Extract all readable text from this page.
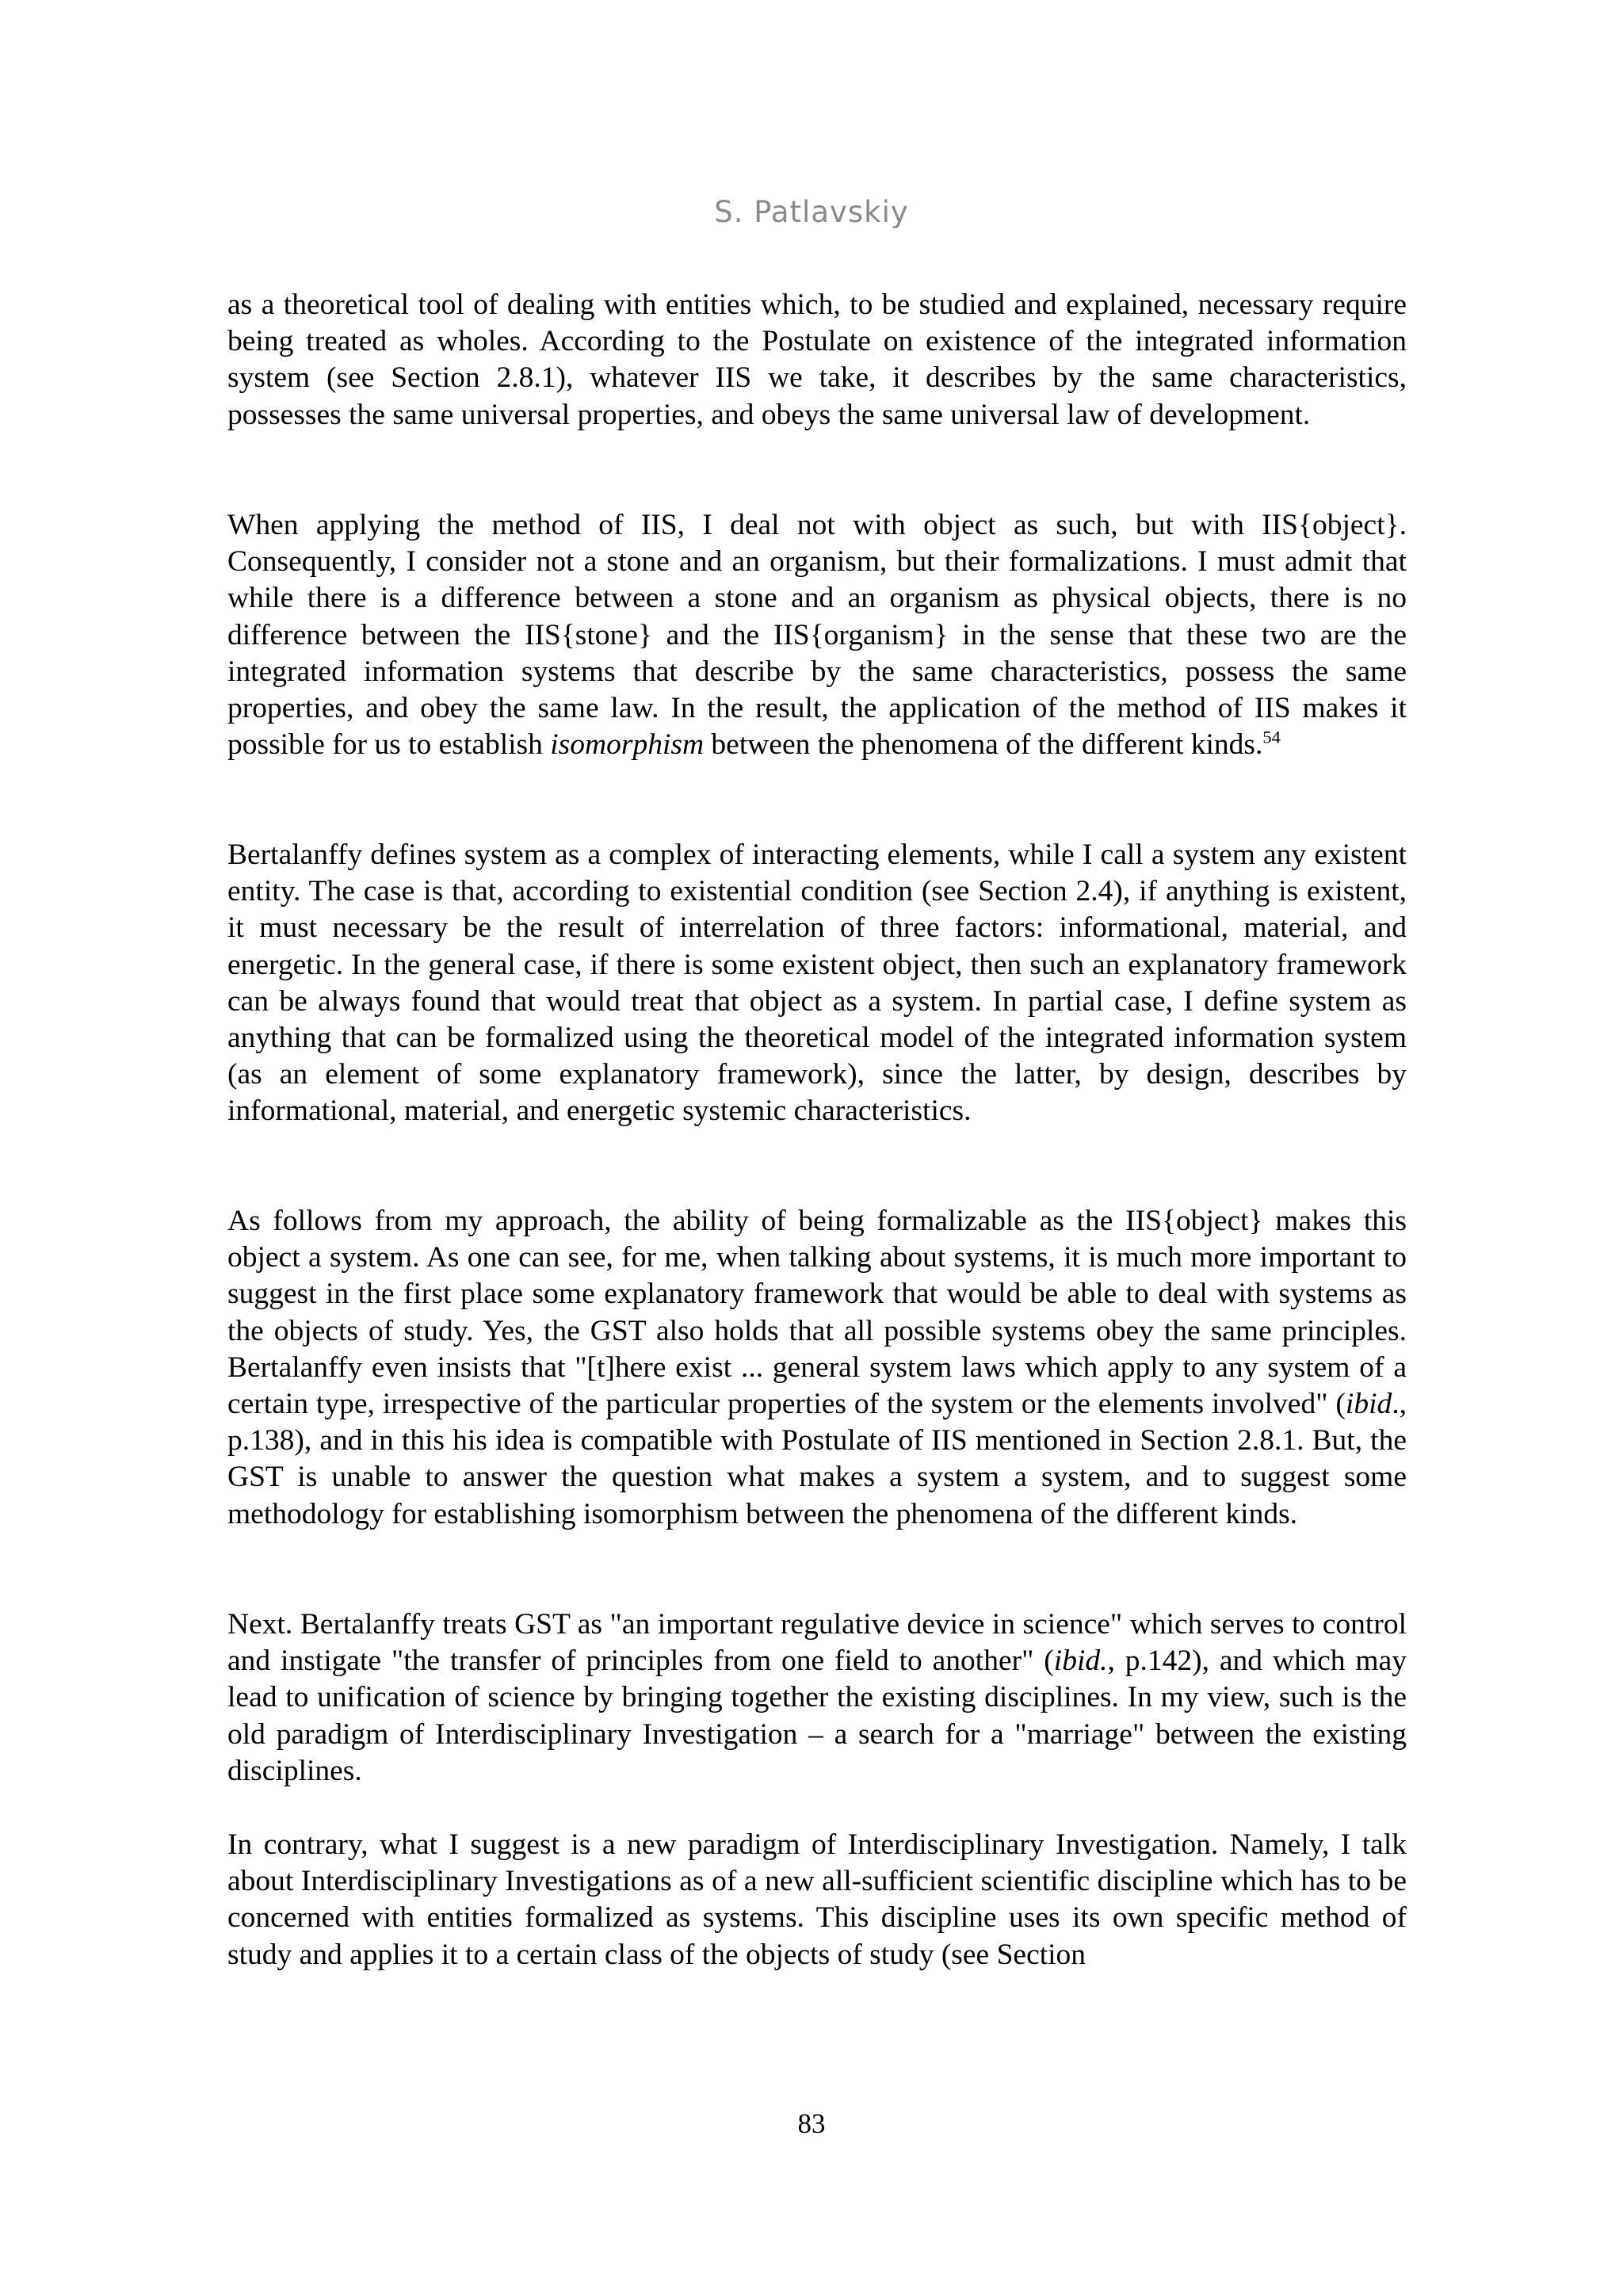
S. Patlavskiy

as a theoretical tool of dealing with entities which, to be studied and explained, necessary require being treated as wholes. According to the Postulate on existence of the integrated information system (see Section 2.8.1), whatever IIS we take, it describes by the same characteristics, possesses the same universal properties, and obeys the same universal law of development.

When applying the method of IIS, I deal not with object as such, but with IIS{object}. Consequently, I consider not a stone and an organism, but their formalizations. I must admit that while there is a difference between a stone and an organism as physical objects, there is no difference between the IIS{stone} and the IIS{organism} in the sense that these two are the integrated information systems that describe by the same characteristics, possess the same properties, and obey the same law. In the result, the application of the method of IIS makes it possible for us to establish isomorphism between the phenomena of the different kinds.$^{54}$

Bertalanffy defines system as a complex of interacting elements, while I call a system any existent entity. The case is that, according to existential condition (see Section 2.4), if anything is existent, it must necessary be the result of interrelation of three factors: informational, material, and energetic. In the general case, if there is some existent object, then such an explanatory framework can be always found that would treat that object as a system. In partial case, I define system as anything that can be formalized using the theoretical model of the integrated information system (as an element of some explanatory framework), since the latter, by design, describes by informational, material, and energetic systemic characteristics.

As follows from my approach, the ability of being formalizable as the IIS{object} makes this object a system. As one can see, for me, when talking about systems, it is much more important to suggest in the first place some explanatory framework that would be able to deal with systems as the objects of study. Yes, the GST also holds that all possible systems obey the same principles. Bertalanffy even insists that "[t]here exist ... general system laws which apply to any system of a certain type, irrespective of the particular properties of the system or the elements involved" (ibid., p.138), and in this his idea is compatible with Postulate of IIS mentioned in Section 2.8.1. But, the GST is unable to answer the question what makes a system a system, and to suggest some methodology for establishing isomorphism between the phenomena of the different kinds.

Next. Bertalanffy treats GST as "an important regulative device in science" which serves to control and instigate "the transfer of principles from one field to another" (ibid., p.142), and which may lead to unification of science by bringing together the existing disciplines. In my view, such is the old paradigm of Interdisciplinary Investigation – a search for a "marriage" between the existing disciplines.

In contrary, what I suggest is a new paradigm of Interdisciplinary Investigation. Namely, I talk about Interdisciplinary Investigations as of a new all-sufficient scientific discipline which has to be concerned with entities formalized as systems. This discipline uses its own specific method of study and applies it to a certain class of the objects of study (see Section

83
